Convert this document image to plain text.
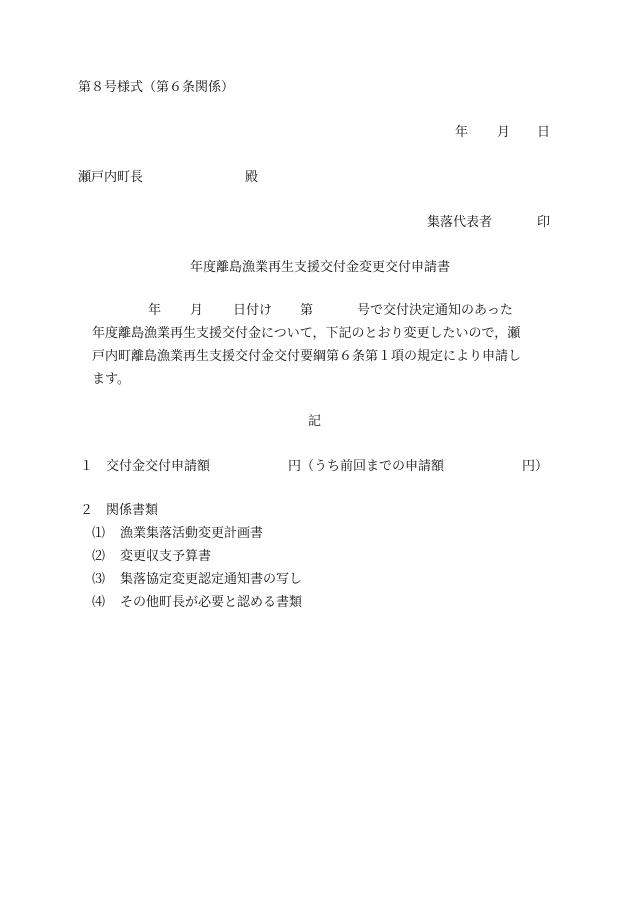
第８号様式（第６条関係）
年 月 日
瀬戸内町長	殿
集落代表者	印
年度離島漁業再生支援交付金変更交付申請書
年 月 日付け 第	号で交付決定通知のあった
年度離島漁業再生支援交付金について，下記のとおり変更したいので，瀬
戸内町離島漁業再生支援交付金交付要綱第６条第１項の規定により申請し
ます。
記
１ 交付金交付申請額	円（うち前回までの申請額	円）
２ 関係書類
⑴ 漁業集落活動変更計画書
⑵ 変更収支予算書
⑶ 集落協定変更認定通知書の写し
⑷ その他町長が必要と認める書類
